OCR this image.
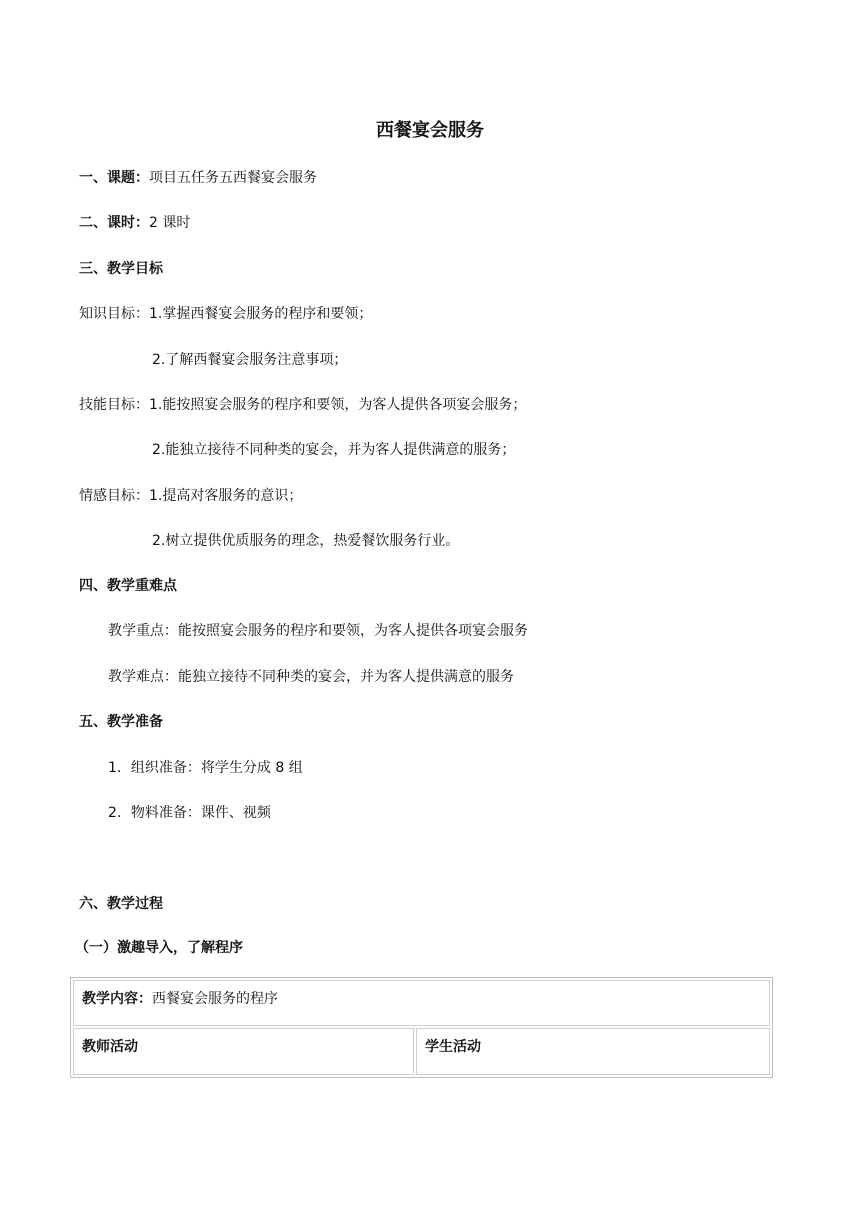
西餐宴会服务
一、课题：项目五任务五西餐宴会服务
二、课时：2 课时
三、教学目标
知识目标：1.掌握西餐宴会服务的程序和要领；
2.了解西餐宴会服务注意事项；
技能目标：1.能按照宴会服务的程序和要领，为客人提供各项宴会服务；
2.能独立接待不同种类的宴会，并为客人提供满意的服务；
情感目标：1.提高对客服务的意识；
2.树立提供优质服务的理念，热爱餐饮服务行业。
四、教学重难点
教学重点：能按照宴会服务的程序和要领，为客人提供各项宴会服务
教学难点：能独立接待不同种类的宴会，并为客人提供满意的服务
五、教学准备
1．组织准备：将学生分成 8 组
2．物料准备：课件、视频
六、教学过程
（一）激趣导入，了解程序
教学内容：西餐宴会服务的程序
教师活动	学生活动
